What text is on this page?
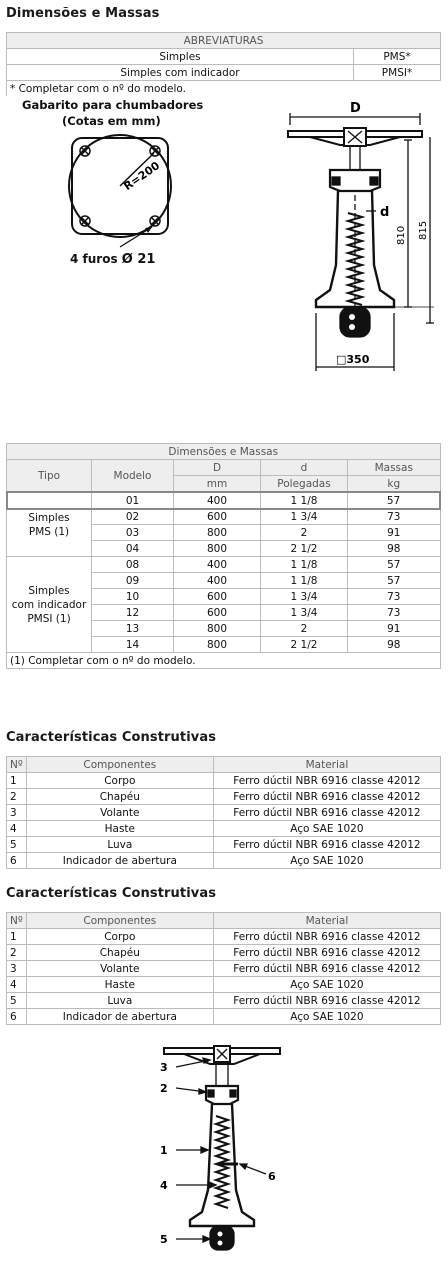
Dimensões e Massas
ABREVIATURAS	
Simples	PMS*
Simples com indicador	PMSI*
* Completar com o nº do modelo.	
Gabarito para chumbadores
(Cotas em mm)
R=200
4 furos Ø 21
D
d
810 815
□350
Dimensões e Massas				
Tipo	Modelo	D	d	Massas
		mm	Polegadas	kg

Simples
PMS (1)	01	400	1 1/8	57
	02	600	1 3/4	73
	03	800	2	91
	04	800	2 1/2	98

Simples
com indicador
PMSI (1)	08	400	1 1/8	57
	09	400	1 1/8	57
	10	600	1 3/4	73
	12	600	1 3/4	73
	13	800	2	91
	14	800	2 1/2	98
(1) Completar com o nº do modelo.				
Características Construtivas
Nº	Componentes	Material
1	Corpo	Ferro dúctil NBR 6916 classe 42012
2	Chapéu	Ferro dúctil NBR 6916 classe 42012
3	Volante	Ferro dúctil NBR 6916 classe 42012
4	Haste	Aço SAE 1020
5	Luva	Ferro dúctil NBR 6916 classe 42012
6	Indicador de abertura	Aço SAE 1020
Características Construtivas
Nº	Componentes	Material
1	Corpo	Ferro dúctil NBR 6916 classe 42012
2	Chapéu	Ferro dúctil NBR 6916 classe 42012
3	Volante	Ferro dúctil NBR 6916 classe 42012
4	Haste	Aço SAE 1020
5	Luva	Ferro dúctil NBR 6916 classe 42012
6	Indicador de abertura	Aço SAE 1020
3
2
1
4
5
6
